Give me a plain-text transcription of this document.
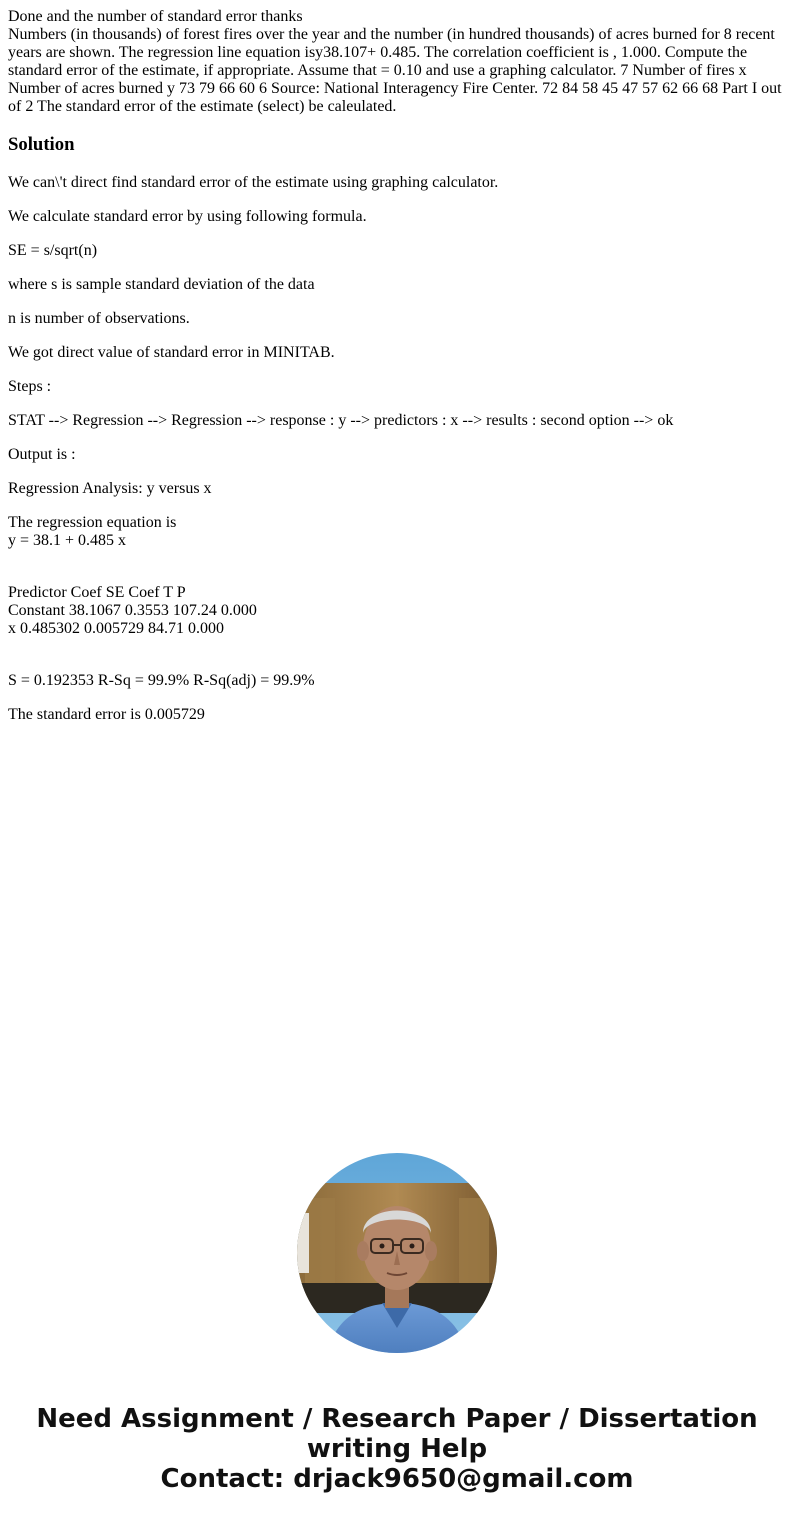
Done and the number of standard error thanks

Numbers (in thousands) of forest fires over the year and the number (in hundred thousands) of acres burned for 8 recent years are shown. The regression line equation isy38.107+ 0.485. The correlation coefficient is , 1.000. Compute the standard error of the estimate, if appropriate. Assume that = 0.10 and use a graphing calculator. 7 Number of fires x Number of acres burned y 73 79 66 60 6 Source: National Interagency Fire Center. 72 84 58 45 47 57 62 66 68 Part I out of 2 The standard error of the estimate (select) be caleulated.

Solution

We can\'t direct find standard error of the estimate using graphing calculator.

We calculate standard error by using following formula.

SE = s/sqrt(n)

where s is sample standard deviation of the data

n is number of observations.

We got direct value of standard error in MINITAB.

Steps :

STAT --> Regression --> Regression --> response : y --> predictors : x --> results : second option --> ok

Output is :

Regression Analysis: y versus x

The regression equation is
y = 38.1 + 0.485 x

Predictor Coef SE Coef T P
Constant 38.1067 0.3553 107.24 0.000
x 0.485302 0.005729 84.71 0.000

S = 0.192353 R-Sq = 99.9% R-Sq(adj) = 99.9%

The standard error is 0.005729

Need Assignment / Research Paper / Dissertation
writing Help
Contact: drjack9650@gmail.com
